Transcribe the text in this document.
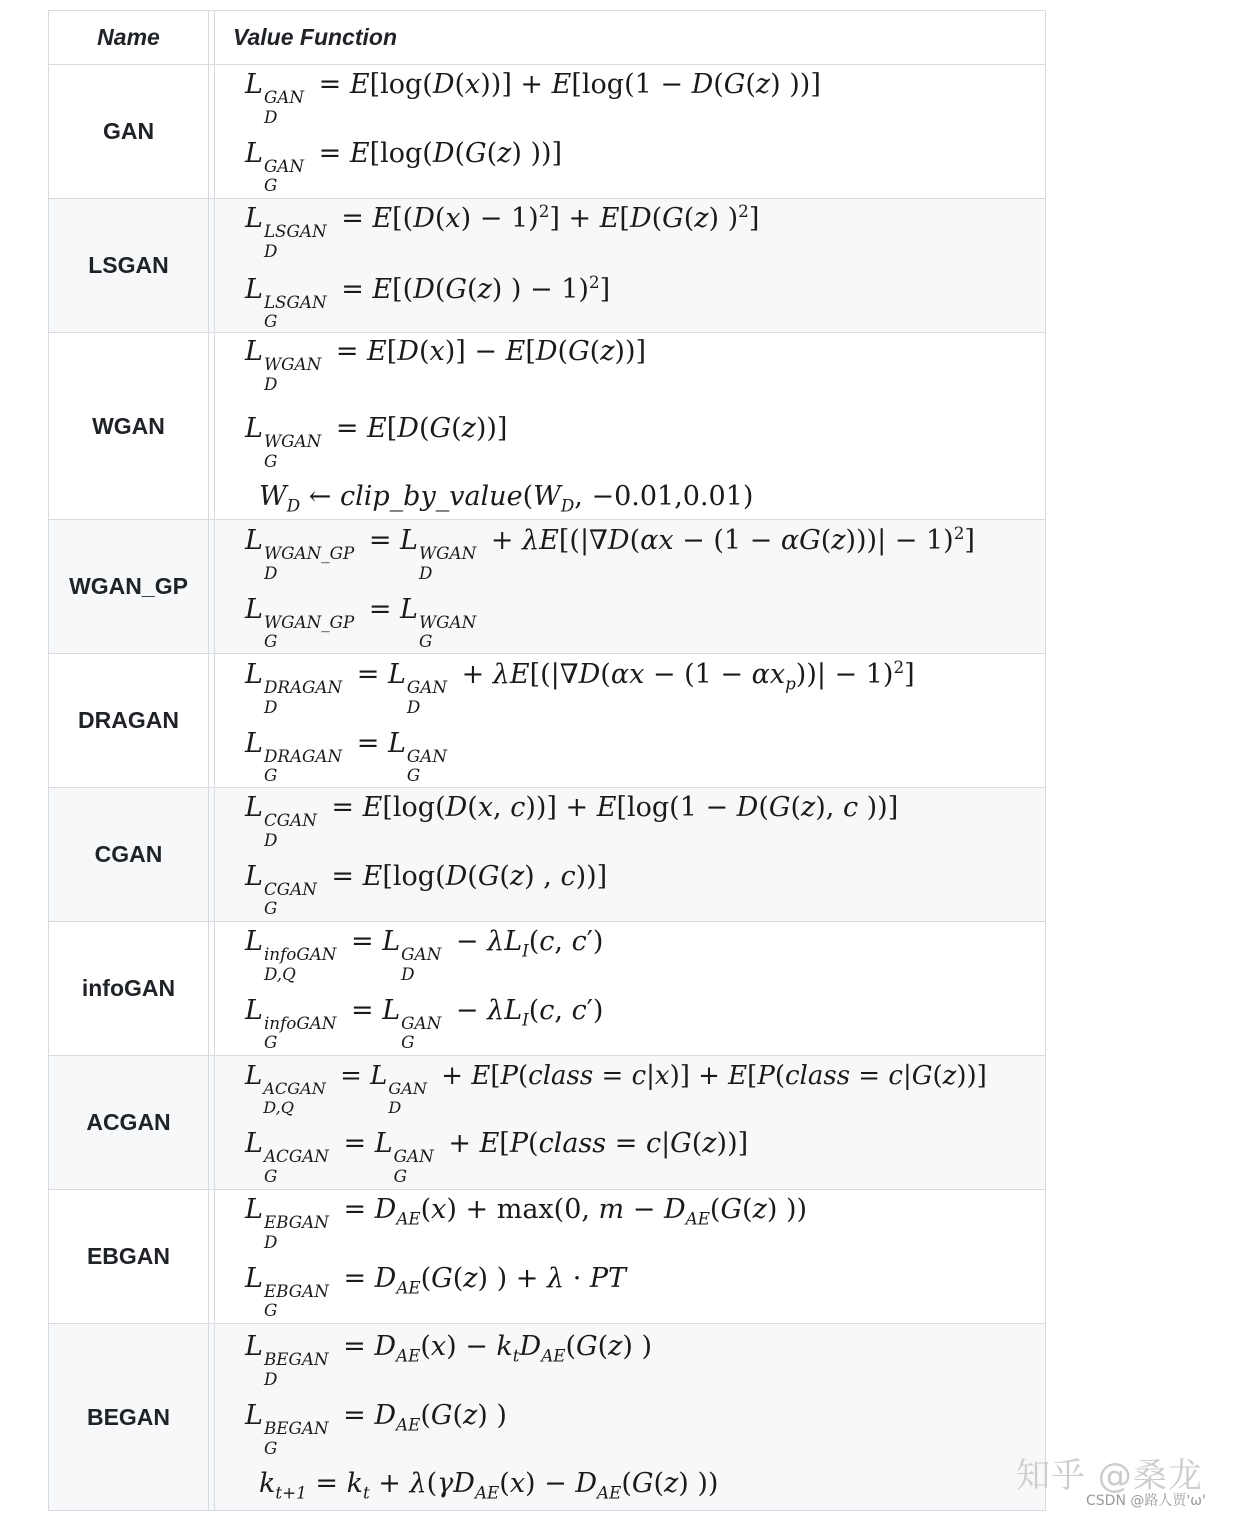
Name	Value Function
GAN
L GAN
D
= E[log(D(x))] + E[log(1 − D(G(z) ))]
L GAN
G
= E[log(D(G(z) ))]
LSGAN
L LSGAN
D
= $E[(D(x) - 1)^2] + E[D(G(z)$ )$^2$]
L LSGAN
G
= E[(D(G(z) ) − 1)$^2$]
WGAN
L WGAN
D
= E[D(x)] − E[D(G(z))]
L WGAN
G
= E[D(G(z))]
$W_D$ ← $clip\_by\_value(W_D$, −0.01,0.01)
WGAN_GP
L WGAN_GP
D
= L WGAN
D
+ $\lambda E[(|\nabla D(\alpha x - (1 - \alpha G(z)))| - 1)^2]$
L WGAN_GP
G
= L WGAN
G
DRAGAN
L DRAGAN
D
= L GAN
D
+ $\lambda E[(|\nabla D(\alpha x - (1 - \alpha x_p))| - 1)^2]$
L DRAGAN
G
= L GAN
G
CGAN
L CGAN
D
= E[log(D(x, c))] + E[log(1 − D(G(z), c ))]
L CGAN
G
= E[log(D(G(z) , c))]
infoGAN
L infoGAN
D,Q
= L GAN
D
− $\lambda L_I(c$, c′)
L infoGAN
G
= L GAN
G
− $\lambda L_I(c$, c′)
ACGAN
L ACGAN
D,Q
= L GAN
D
+ E[P(class = c|x)] + E[P(class = c|G(z))]
L ACGAN
G
= L GAN
G
+ E[P(class = c|G(z))]
EBGAN
L EBGAN
D
= $D_{AE}(x) + \max(0$, $m - D_{AE}(G(z)$ ))
L EBGAN
G
= $D_{AE}(G(z)$ ) + λ · PT
BEGAN
L BEGAN
D
= $D_{AE}(x) - k_tD_{AE}(G(z)$ )
L BEGAN
G
= $D_{AE}(G(z)$ )
$k_{t+1} = k_t + \lambda(\gamma D_{AE}(x) - D_{AE}(G(z)$ ))	知乎 @桑龙
CSDN @路人贾'ω'
